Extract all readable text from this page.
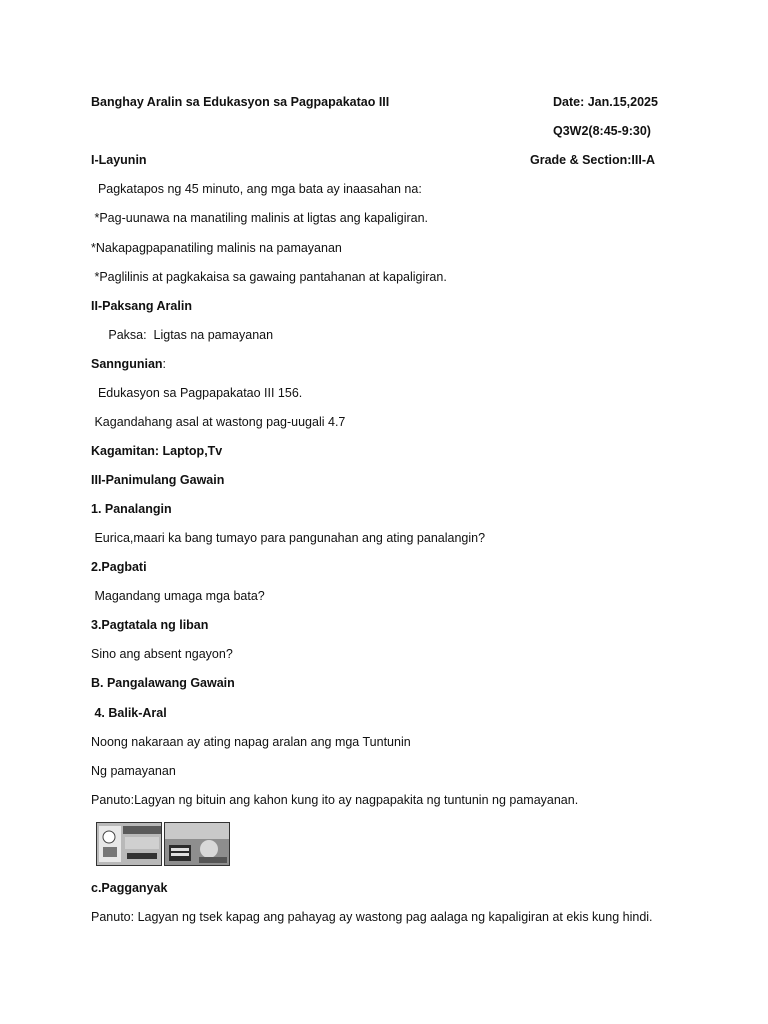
Banghay Aralin sa Edukasyon sa Pagpapakatao III	Date: Jan.15,2025
Q3W2(8:45-9:30)
I-Layunin	Grade & Section:III-A
Pagkatapos ng 45 minuto, ang mga bata ay inaasahan na:
*Pag-uunawa na manatiling malinis at ligtas ang kapaligiran.
*Nakapagpapanatiling malinis na pamayanan
*Paglilinis at pagkakaisa sa gawaing pantahanan at kapaligiran.
II-Paksang Aralin
Paksa:  Ligtas na pamayanan
Sanngunian:
Edukasyon sa Pagpapakatao III 156.
Kagandahang asal at wastong pag-uugali 4.7
Kagamitan: Laptop,Tv
III-Panimulang Gawain
1. Panalangin
Eurica,maari ka bang tumayo para pangunahan ang ating panalangin?
2.Pagbati
Magandang umaga mga bata?
3.Pagtatala ng liban
Sino ang absent ngayon?
B. Pangalawang Gawain
4. Balik-Aral
Noong nakaraan ay ating napag aralan ang mga Tuntunin
Ng pamayanan
Panuto:Lagyan ng bituin ang kahon kung ito ay nagpapakita ng tuntunin ng pamayanan.
c.Pagganyak
Panuto: Lagyan ng tsek kapag ang pahayag ay wastong pag aalaga ng kapaligiran at ekis kung hindi.
